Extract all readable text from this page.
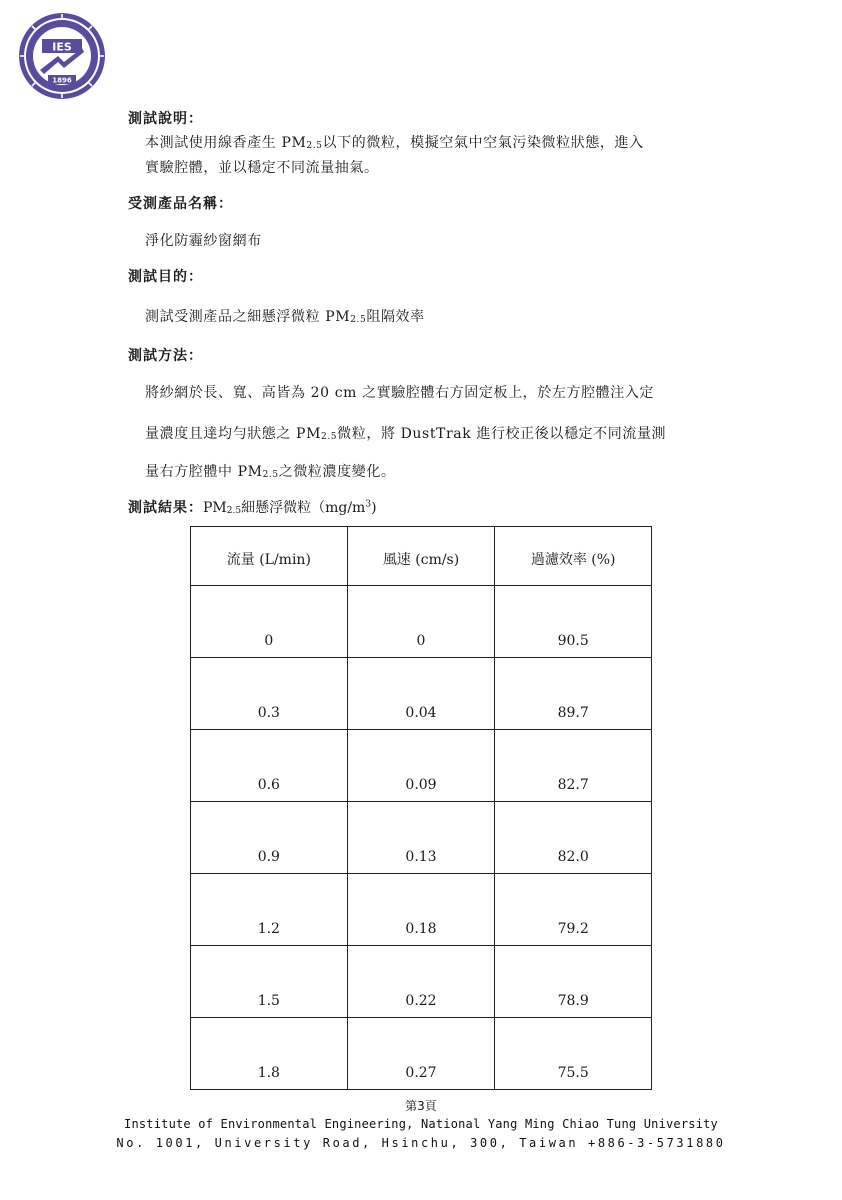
IES
1896
測試說明：
本測試使用線香產生 $PM_{2.5}$以下的微粒，模擬空氣中空氣污染微粒狀態，進入
實驗腔體，並以穩定不同流量抽氣。
受測產品名稱：
淨化防霾紗窗網布
測試目的：
測試受測產品之細懸浮微粒 $PM_{2.5}$阻隔效率
測試方法：
將紗網於長、寬、高皆為 20 cm 之實驗腔體右方固定板上，於左方腔體注入定
量濃度且達均勻狀態之 $PM_{2.5}$微粒，將 DustTrak 進行校正後以穩定不同流量測
量右方腔體中 $PM_{2.5}$之微粒濃度變化。
測試結果：$PM_{2.5}$細懸浮微粒$(mg/m^3)$
流量 (L/min)	風速 (cm/s)	過濾效率 (%)
0	0	90.5
0.3	0.04	89.7
0.6	0.09	82.7
0.9	0.13	82.0
1.2	0.18	79.2
1.5	0.22	78.9
1.8	0.27	75.5
第3頁
Institute of Environmental Engineering, National Yang Ming Chiao Tung University
No. 1001, University Road, Hsinchu, 300, Taiwan +886-3-5731880
